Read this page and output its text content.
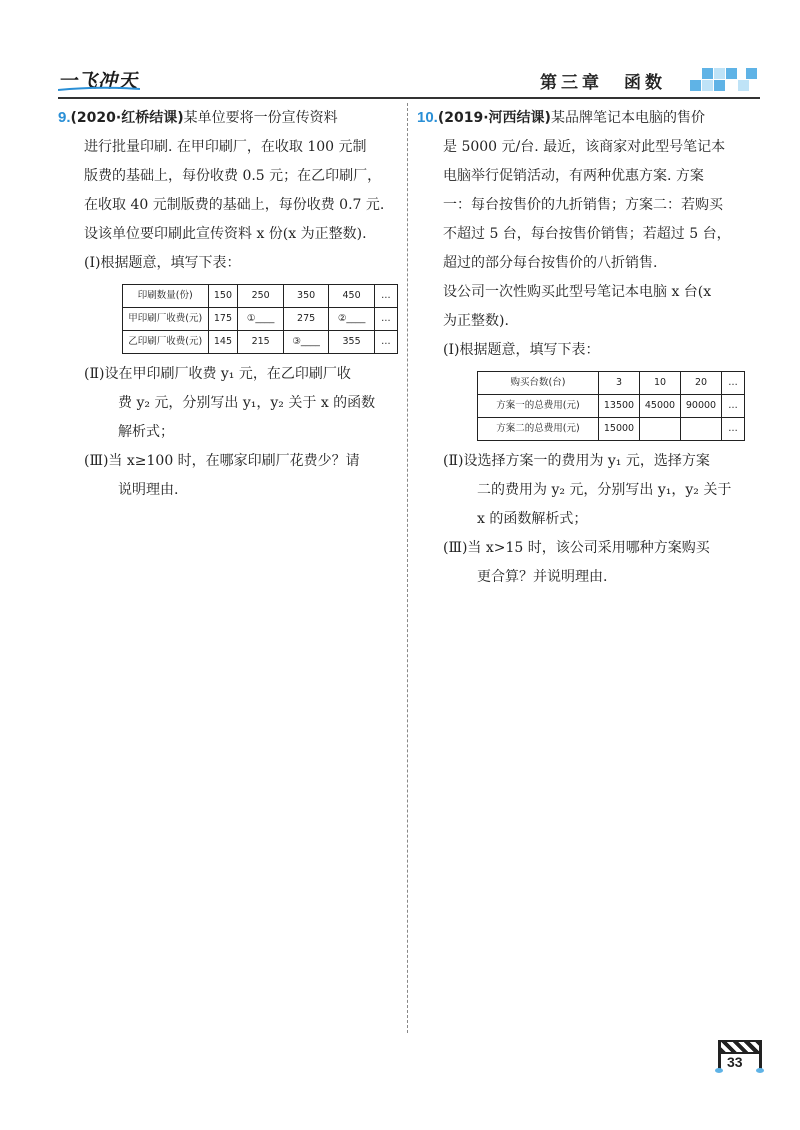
一飞冲天	第三章　函数

9.(2020·红桥结课)某单位要将一份宣传资料

进行批量印刷. 在甲印刷厂，在收取 100 元制

版费的基础上，每份收费 0.5 元；在乙印刷厂，

在收取 40 元制版费的基础上，每份收费 0.7 元.

设该单位要印刷此宣传资料 x 份(x 为正整数).

(Ⅰ)根据题意，填写下表：

印刷数量(份)	150	250	350	450	…
甲印刷厂收费(元)	175	①____	275	②____	…
乙印刷厂收费(元)	145	215	③____	355	…

(Ⅱ)设在甲印刷厂收费 y₁ 元，在乙印刷厂收

费 y₂ 元，分别写出 y₁，y₂ 关于 x 的函数

解析式；

(Ⅲ)当 x≥100 时，在哪家印刷厂花费少？请

说明理由.

10.(2019·河西结课)某品牌笔记本电脑的售价

是 5000 元/台. 最近，该商家对此型号笔记本

电脑举行促销活动，有两种优惠方案. 方案

一：每台按售价的九折销售；方案二：若购买

不超过 5 台，每台按售价销售；若超过 5 台，

超过的部分每台按售价的八折销售.

设公司一次性购买此型号笔记本电脑 x 台(x

为正整数).

(Ⅰ)根据题意，填写下表：

购买台数(台)	3	10	20	…
方案一的总费用(元)	13500	45000	90000	…
方案二的总费用(元)	15000			…

(Ⅱ)设选择方案一的费用为 y₁ 元，选择方案

二的费用为 y₂ 元，分别写出 y₁，y₂ 关于

x 的函数解析式；

(Ⅲ)当 x>15 时，该公司采用哪种方案购买

更合算？并说明理由.

33
